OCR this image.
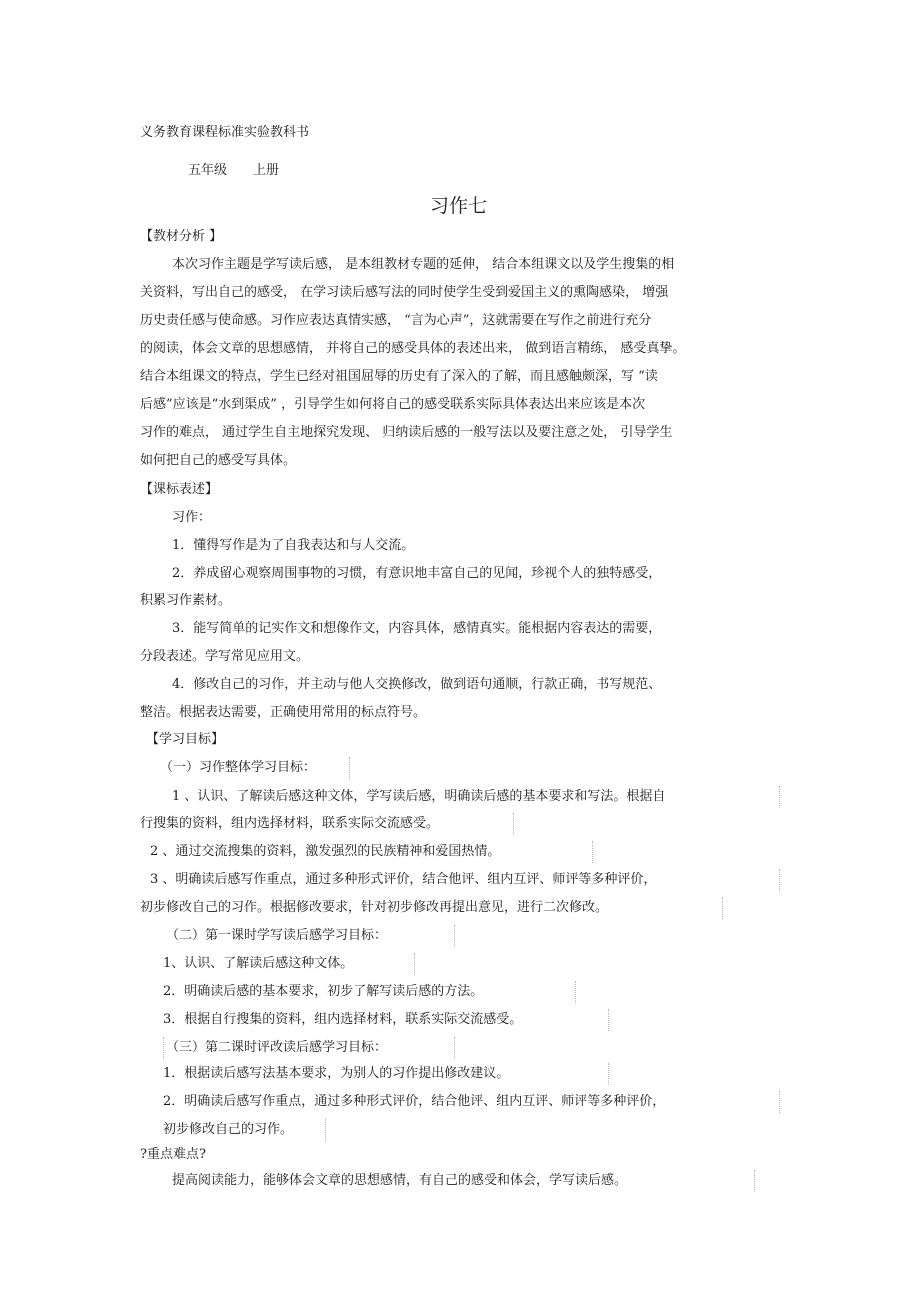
义务教育课程标准实验教科书
五年级 上册
习作七
【教材分析 】
本次习作主题是学写读后感， 是本组教材专题的延伸， 结合本组课文以及学生搜集的相
关资料，写出自己的感受， 在学习读后感写法的同时使学生受到爱国主义的熏陶感染， 增强
历史责任感与使命感。习作应表达真情实感， “言为心声”，这就需要在写作之前进行充分
的阅读，体会文章的思想感情， 并将自己的感受具体的表述出来， 做到语言精练， 感受真挚。
结合本组课文的特点，学生已经对祖国屈辱的历史有了深入的了解，而且感触颇深，写 “读
后感”应该是“水到渠成” ，引导学生如何将自己的感受联系实际具体表达出来应该是本次
习作的难点， 通过学生自主地探究发现、 归纳读后感的一般写法以及要注意之处， 引导学生
如何把自己的感受写具体。
【课标表述】
习作：
1．懂得写作是为了自我表达和与人交流。
2．养成留心观察周围事物的习惯，有意识地丰富自己的见闻，珍视个人的独特感受，
积累习作素材。
3．能写简单的记实作文和想像作文，内容具体，感情真实。能根据内容表达的需要，
分段表述。学写常见应用文。
4．修改自己的习作，并主动与他人交换修改，做到语句通顺，行款正确，书写规范、
整洁。根据表达需要，正确使用常用的标点符号。
【学习目标】
（一）习作整体学习目标：
1 、认识、了解读后感这种文体，学写读后感，明确读后感的基本要求和写法。根据自
行搜集的资料，组内选择材料，联系实际交流感受。
2 、通过交流搜集的资料，激发强烈的民族精神和爱国热情。
3 、明确读后感写作重点，通过多种形式评价，结合他评、组内互评、师评等多种评价，
初步修改自己的习作。根据修改要求，针对初步修改再提出意见，进行二次修改。
（二）第一课时学写读后感学习目标：
1、认识、了解读后感这种文体。
2．明确读后感的基本要求，初步了解写读后感的方法。
3．根据自行搜集的资料，组内选择材料，联系实际交流感受。
（三）第二课时评改读后感学习目标：
1．根据读后感写法基本要求，为别人的习作提出修改建议。
2．明确读后感写作重点，通过多种形式评价，结合他评、组内互评、师评等多种评价，
初步修改自己的习作。
?重点难点?
提高阅读能力，能够体会文章的思想感情，有自己的感受和体会，学写读后感。
